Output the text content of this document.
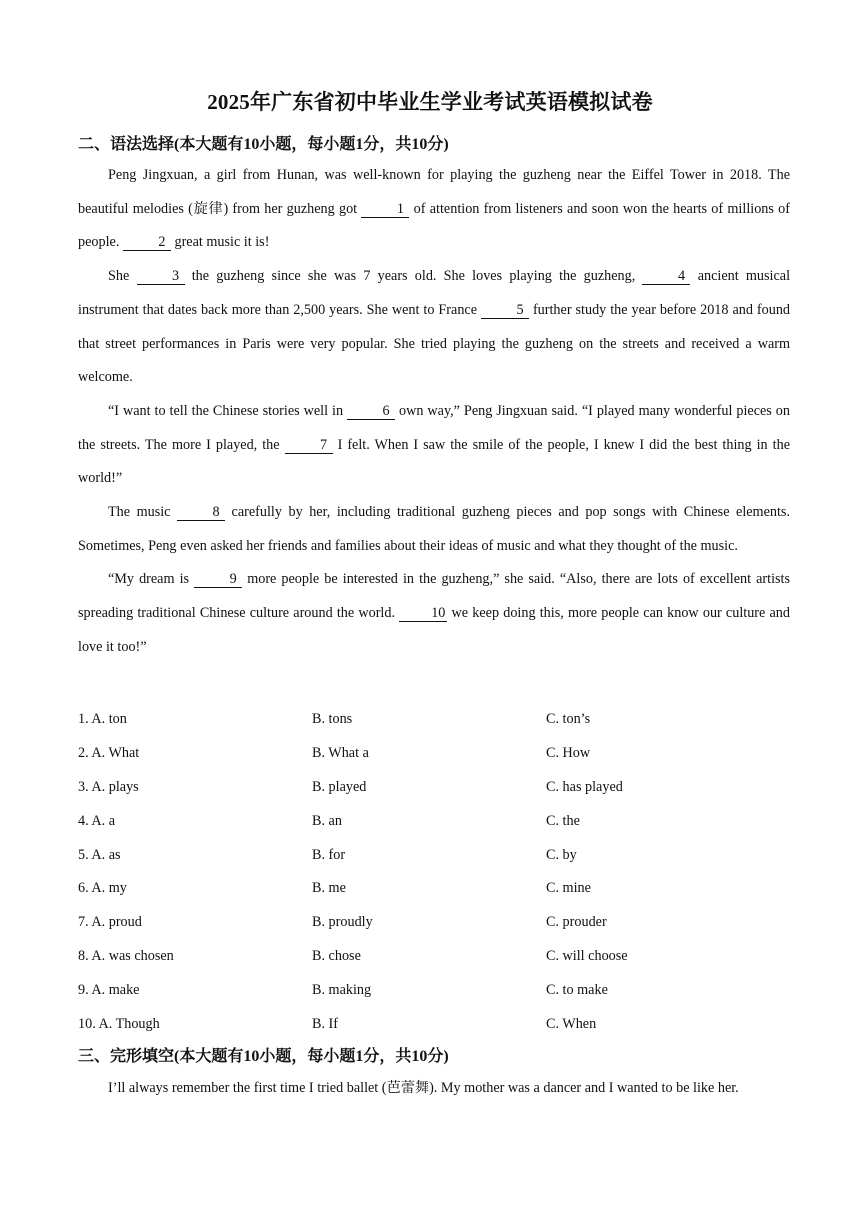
2025年广东省初中毕业生学业考试英语模拟试卷
二、语法选择(本大题有10小题，每小题1分，共10分)

Peng Jingxuan, a girl from Hunan, was well-known for playing the guzheng near the Eiffel Tower in 2018. The beautiful melodies (旋律) from her guzheng got 1 of attention from listeners and soon won the hearts of millions of people. 2 great music it is!

She 3 the guzheng since she was 7 years old. She loves playing the guzheng, 4 ancient musical instrument that dates back more than 2,500 years. She went to France 5 further study the year before 2018 and found that street performances in Paris were very popular. She tried playing the guzheng on the streets and received a warm welcome.

“I want to tell the Chinese stories well in 6 own way,” Peng Jingxuan said. “I played many wonderful pieces on the streets. The more I played, the 7 I felt. When I saw the smile of the people, I knew I did the best thing in the world!”

The music 8 carefully by her, including traditional guzheng pieces and pop songs with Chinese elements. Sometimes, Peng even asked her friends and families about their ideas of music and what they thought of the music.

“My dream is 9 more people be interested in the guzheng,” she said. “Also, there are lots of excellent artists spreading traditional Chinese culture around the world. 10 we keep doing this, more people can know our culture and love it too!”

1. A. ton	B. tons	C. ton’s
2. A. What	B. What a	C. How
3. A. plays	B. played	C. has played
4. A. a	B. an	C. the
5. A. as	B. for	C. by
6. A. my	B. me	C. mine
7. A. proud	B. proudly	C. prouder
8. A. was chosen	B. chose	C. will choose
9. A. make	B. making	C. to make
10. A. Though	B. If	C. When
三、完形填空(本大题有10小题，每小题1分，共10分)
I’ll always remember the first time I tried ballet (芭蕾舞). My mother was a dancer and I wanted to be like her.
